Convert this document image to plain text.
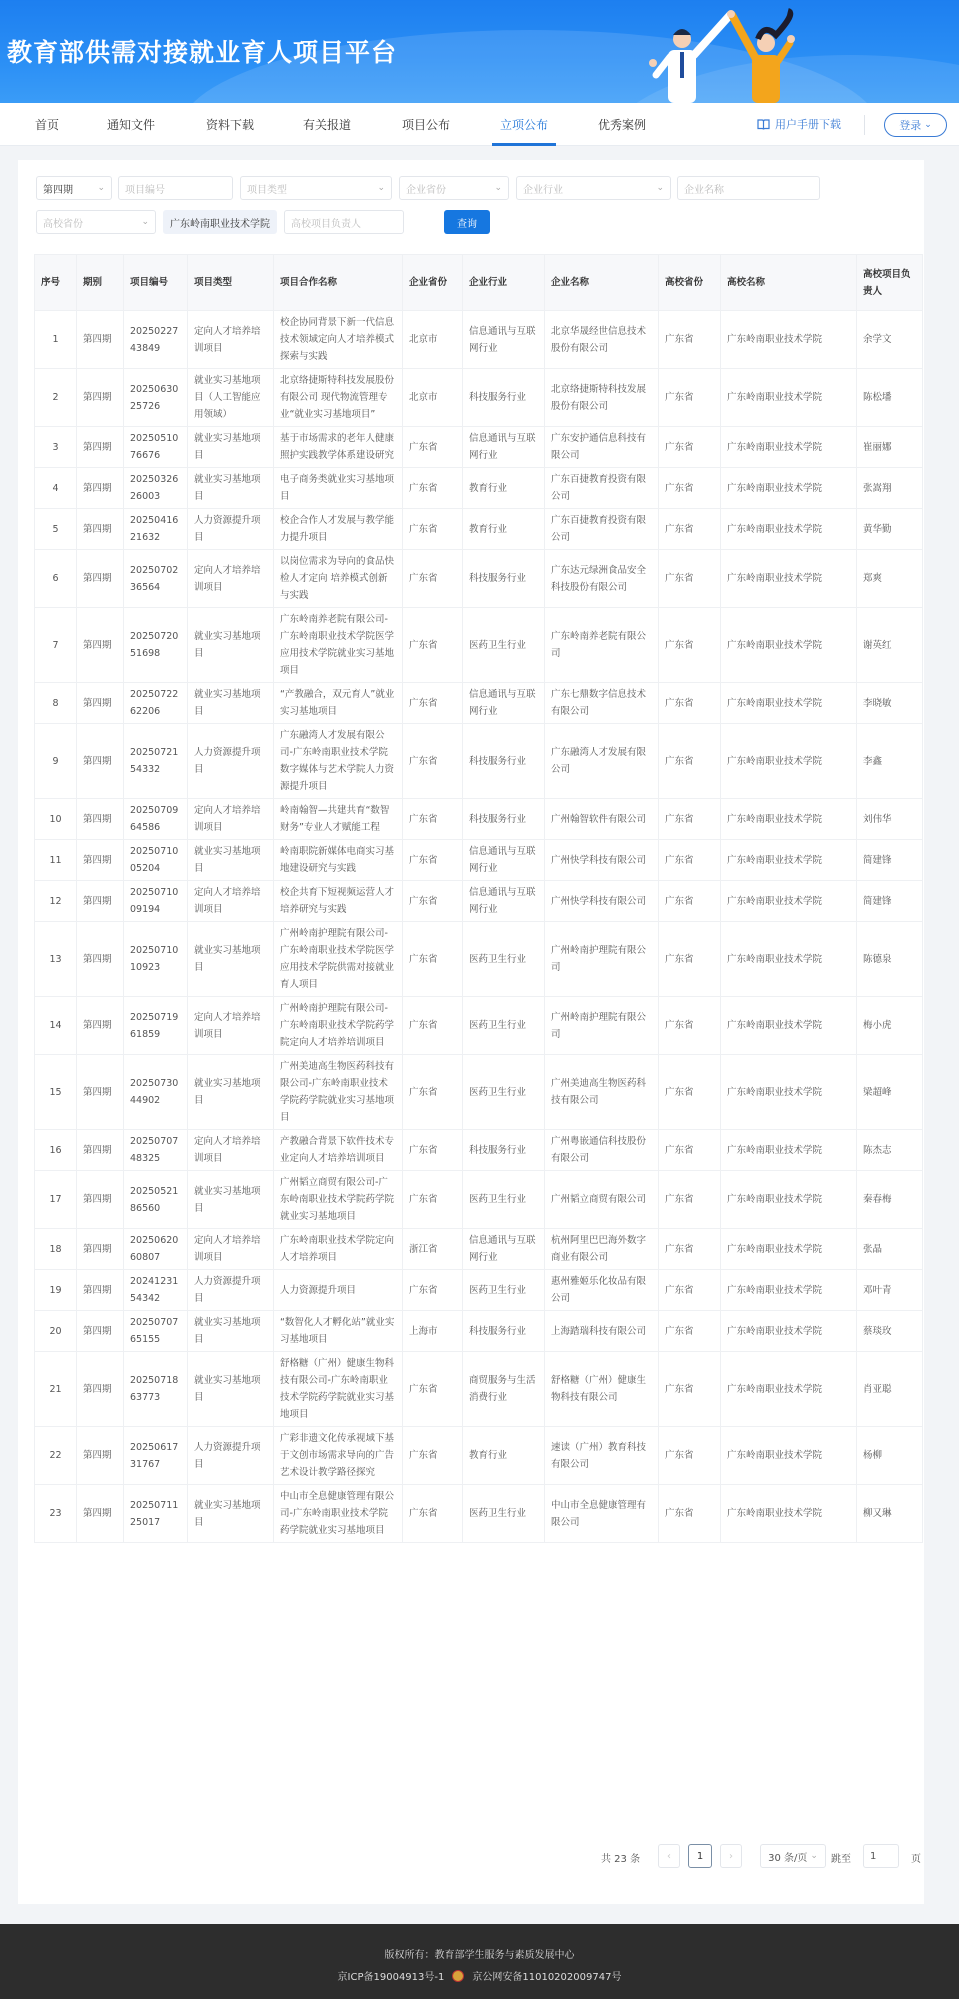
教育部供需对接就业育人项目平台
首页	通知文件	资料下载	有关报道	项目公布	立项公布	优秀案例	用户手册下载	登录 ⌄
第四期	⌄ 项目编号	项目类型	⌄ 企业省份	⌄ 企业行业	⌄ 企业名称
高校省份	⌄ 广东岭南职业技术学院 高校项目负责人	查询
序号	期别	项目编号	项目类型	项目合作名称	企业省份	企业行业	企业名称	高校省份	高校名称	高校项目负责人
1	第四期	2025022743849	定向人才培养培训项目	校企协同背景下新一代信息技术领域定向人才培养模式探索与实践	北京市	信息通讯与互联网行业	北京华晟经世信息技术股份有限公司	广东省	广东岭南职业技术学院	余学文
2	第四期	2025063025726	就业实习基地项目（人工智能应用领域）	北京络捷斯特科技发展股份有限公司 现代物流管理专业“就业实习基地项目”	北京市	科技服务行业	北京络捷斯特科技发展股份有限公司	广东省	广东岭南职业技术学院	陈松墦
3	第四期	2025051076676	就业实习基地项目	基于市场需求的老年人健康照护实践教学体系建设研究	广东省	信息通讯与互联网行业	广东安护通信息科技有限公司	广东省	广东岭南职业技术学院	崔丽娜
4	第四期	2025032626003	就业实习基地项目	电子商务类就业实习基地项目	广东省	教育行业	广东百捷教育投资有限公司	广东省	广东岭南职业技术学院	张嵩翔
5	第四期	2025041621632	人力资源提升项目	校企合作人才发展与教学能力提升项目	广东省	教育行业	广东百捷教育投资有限公司	广东省	广东岭南职业技术学院	黄华勤
6	第四期	2025070236564	定向人才培养培训项目	以岗位需求为导向的食品快检人才定向 培养模式创新与实践	广东省	科技服务行业	广东达元绿洲食品安全科技股份有限公司	广东省	广东岭南职业技术学院	郑爽
7	第四期	2025072051698	就业实习基地项目	广东岭南养老院有限公司-广东岭南职业技术学院医学应用技术学院就业实习基地项目	广东省	医药卫生行业	广东岭南养老院有限公司	广东省	广东岭南职业技术学院	谢英红
8	第四期	2025072262206	就业实习基地项目	“产教融合，双元育人”就业实习基地项目	广东省	信息通讯与互联网行业	广东七鼎数字信息技术有限公司	广东省	广东岭南职业技术学院	李晓敏
9	第四期	2025072154332	人力资源提升项目	广东融湾人才发展有限公司-广东岭南职业技术学院数字媒体与艺术学院人力资源提升项目	广东省	科技服务行业	广东融湾人才发展有限公司	广东省	广东岭南职业技术学院	李鑫
10	第四期	2025070964586	定向人才培养培训项目	岭南翰智—共建共育“数智财务”专业人才赋能工程	广东省	科技服务行业	广州翰智软件有限公司	广东省	广东岭南职业技术学院	刘伟华
11	第四期	2025071005204	就业实习基地项目	岭南职院新媒体电商实习基地建设研究与实践	广东省	信息通讯与互联网行业	广州快学科技有限公司	广东省	广东岭南职业技术学院	简建锋
12	第四期	2025071009194	定向人才培养培训项目	校企共育下短视频运营人才培养研究与实践	广东省	信息通讯与互联网行业	广州快学科技有限公司	广东省	广东岭南职业技术学院	简建锋
13	第四期	2025071010923	就业实习基地项目	广州岭南护理院有限公司-广东岭南职业技术学院医学应用技术学院供需对接就业育人项目	广东省	医药卫生行业	广州岭南护理院有限公司	广东省	广东岭南职业技术学院	陈德泉
14	第四期	2025071961859	定向人才培养培训项目	广州岭南护理院有限公司-广东岭南职业技术学院药学院定向人才培养培训项目	广东省	医药卫生行业	广州岭南护理院有限公司	广东省	广东岭南职业技术学院	梅小虎
15	第四期	2025073044902	就业实习基地项目	广州美迪高生物医药科技有限公司-广东岭南职业技术学院药学院就业实习基地项目	广东省	医药卫生行业	广州美迪高生物医药科技有限公司	广东省	广东岭南职业技术学院	梁超峰
16	第四期	2025070748325	定向人才培养培训项目	产教融合背景下软件技术专业定向人才培养培训项目	广东省	科技服务行业	广州粤嵌通信科技股份有限公司	广东省	广东岭南职业技术学院	陈杰志
17	第四期	2025052186560	就业实习基地项目	广州韬立商贸有限公司-广东岭南职业技术学院药学院就业实习基地项目	广东省	医药卫生行业	广州韬立商贸有限公司	广东省	广东岭南职业技术学院	秦春梅
18	第四期	2025062060807	定向人才培养培训项目	广东岭南职业技术学院定向人才培养项目	浙江省	信息通讯与互联网行业	杭州阿里巴巴海外数字商业有限公司	广东省	广东岭南职业技术学院	张晶
19	第四期	2024123154342	人力资源提升项目	人力资源提升项目	广东省	医药卫生行业	惠州雅姬乐化妆品有限公司	广东省	广东岭南职业技术学院	邓叶青
20	第四期	2025070765155	就业实习基地项目	“数智化人才孵化站”就业实习基地项目	上海市	科技服务行业	上海踏瑞科技有限公司	广东省	广东岭南职业技术学院	蔡琰玫
21	第四期	2025071863773	就业实习基地项目	舒格糖（广州）健康生物科技有限公司-广东岭南职业技术学院药学院就业实习基地项目	广东省	商贸服务与生活消费行业	舒格糖（广州）健康生物科技有限公司	广东省	广东岭南职业技术学院	肖亚聪
22	第四期	2025061731767	人力资源提升项目	广彩非遗文化传承视域下基于文创市场需求导向的广告艺术设计教学路径探究	广东省	教育行业	速读（广州）教育科技有限公司	广东省	广东岭南职业技术学院	杨柳
23	第四期	2025071125017	就业实习基地项目	中山市全息健康管理有限公司-广东岭南职业技术学院药学院就业实习基地项目	广东省	医药卫生行业	中山市全息健康管理有限公司	广东省	广东岭南职业技术学院	柳又琳
共 23 条	‹	1	›	30 条/页 ⌄ 跳至 1	页
版权所有：教育部学生服务与素质发展中心
京ICP备19004913号-1	京公网安备11010202009747号
